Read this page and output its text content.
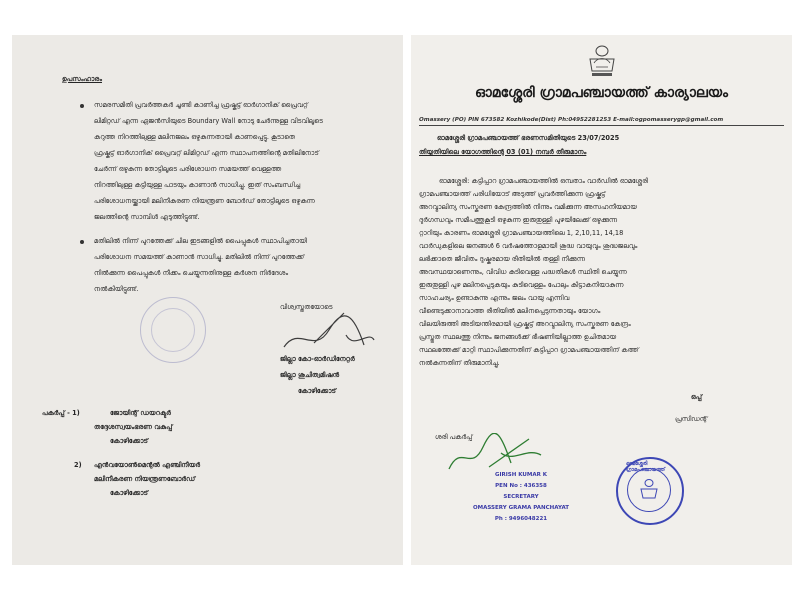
ഉപസംഹാരം
സമരസമിതി പ്രവർത്തകർ ചൂണ്ടി കാണിച്ച ഫ്രഷ്കട്ട് ഓർഗാനിക് പ്രൈവറ്റ്
ലിമിറ്റഡ് എന്ന ഏജൻസിയുടെ Boundary Wall നോടു ചേർന്നുള്ള വിടവിലൂടെ
കറുത്ത നിറത്തിലുള്ള മലിനജലം ഒഴുകുന്നതായി കാണപ്പെട്ടു. കൂടാതെ
ഫ്രഷ്കട്ട് ഓർഗാനിക് പ്രൈവറ്റ് ലിമിറ്റഡ് എന്ന സ്ഥാപനത്തിന്റെ മതിലിനോട്
ചേർന്ന് ഒഴുകുന്ന തോട്ടിലൂടെ പരിശോധന സമയത്ത് വെള്ളത്ത
നിറത്തിലുള്ള കട്ടിയുള്ള പാടയും കാണാൻ സാധിച്ചു. ഇത് സംബന്ധിച്ച
പരിശോധനയ്ക്കായി മലിനീകരണ നിയന്ത്രണ ബോർഡ് തോട്ടിലൂടെ ഒഴുകുന്ന
ജലത്തിന്റെ സാമ്പിൾ എടുത്തിട്ടുണ്ട്.
മതിലിൽ നിന്ന് പുറത്തേക്ക് ചില ഇടങ്ങളിൽ പൈപ്പുകൾ സ്ഥാപിച്ചതായി
പരിശോധന സമയത്ത് കാണാൻ സാധിച്ചു. മതിലിൽ നിന്ന് പുറത്തേക്ക്
നിൽക്കുന്ന പൈപ്പുകൾ നീക്കം ചെയ്യുന്നതിനുള്ള കർശന നിർദേശം
നൽകിയിട്ടുണ്ട്.
വിശ്വസ്തതയോടെ
ജില്ലാ കോ-ഓർഡിനേറ്റർ
ജില്ലാ ശുചിത്വമിഷൻ
കോഴിക്കോട്
പകർപ്പ് - 1)	ജോയിന്റ് ഡയറക്ടർ
തദ്ദേശസ്വയംഭരണ വകുപ്പ്
കോഴിക്കോട്
2) എൻവയോൺമെന്റൽ എഞ്ചിനീയർ
മലിനീകരണ നിയന്ത്രണബോർഡ്
കോഴിക്കോട്
ഓമശ്ശേരി ഗ്രാമപഞ്ചായത്ത് കാര്യാലയം
Omassery (PO) PIN 673582 Kozhikode(Dist) Ph:04952281253 E-mail:ogpomasserygp@gmail.com
ഓമശ്ശേരി ഗ്രാമപഞ്ചായത്ത് ഭരണസമിതിയുടെ 23/07/2025
തിയ്യതിയിലെ യോഗത്തിന്റെ 03 (01) നമ്പർ തീരുമാനം
ഓമശ്ശേരി: കട്ടിപ്പാറ ഗ്രാമപഞ്ചായത്തിൽ ഒമ്പതാം വാർഡിൽ ഓമശ്ശേരി
ഗ്രാമപഞ്ചായത്ത് പരിധിയോട് അടുത്ത് പ്രവർത്തിക്കുന്ന ഫ്രഷ്കട്ട്
അറവ്മാലിന്യ സംസ്കരണ കേന്ദ്രത്തിൽ നിന്നും വമിക്കുന്ന അസഹനീയമായ
ദുർഗന്ധവും സമീപത്തുകൂടി ഒഴുകുന്ന ഇരുതുള്ളി പുഴയിലേക്ക് ഒഴുക്കുന്ന
റ്റാറിയും കാരണം ഓമശ്ശേരി ഗ്രാമപഞ്ചായത്തിലെ 1, 2,10,11, 14,18
വാർഡുകളിലെ ജനങ്ങൾ 6 വർഷത്തോളമായി ശുദ്ധ വായുവും ശുദ്ധജലവും
ലഭിക്കാതെ ജീവിതം ദുഷ്കരമായ രീതിയിൽ തള്ളി നീക്കുന്ന
അവസ്ഥയാണെന്നും, വിവിധ കുടിവെള്ള പദ്ധതികൾ സ്ഥിതി ചെയ്യുന്ന
ഇരുതുള്ളി പുഴ മലിനപ്പെടുകയും കുടിവെള്ളം പോലും കിട്ടാകനിയാകുന്ന
സാഹചര്യം ഉണ്ടാകുന്നു എന്നും ജലം വായു എന്നിവ
വീണ്ടെടുക്കാനാവാത്ത രീതിയിൽ മലിനപ്പെടുന്നതായും യോഗം
വിലയിരുത്തി അടിയന്തിരമായി ഫ്രഷ്കട്ട് അറവ്മാലിന്യ സംസ്കരണ കേന്ദ്രം
പ്രസ്തുത സ്ഥലത്തു നിന്നും ജനങ്ങൾക്ക് ഭീഷണിയില്ലാത്ത ഉചിതമായ
സ്ഥലത്തേക്ക് മാറ്റി സ്ഥാപിക്കുന്നതിന് കട്ടിപ്പാറ ഗ്രാമപഞ്ചായത്തിന് കത്ത്
നൽകുന്നതിന് തീരുമാനിച്ചു.
ഒപ്പ്
പ്രസിഡന്റ്
ശരി പകർപ്പ്
GIRISH KUMAR K
PEN No : 436358
SECRETARY
OMASSERY GRAMA PANCHAYAT
Ph : 9496048221
ഓമശ്ശേരി ഗ്രാമപഞ്ചായത്ത്
